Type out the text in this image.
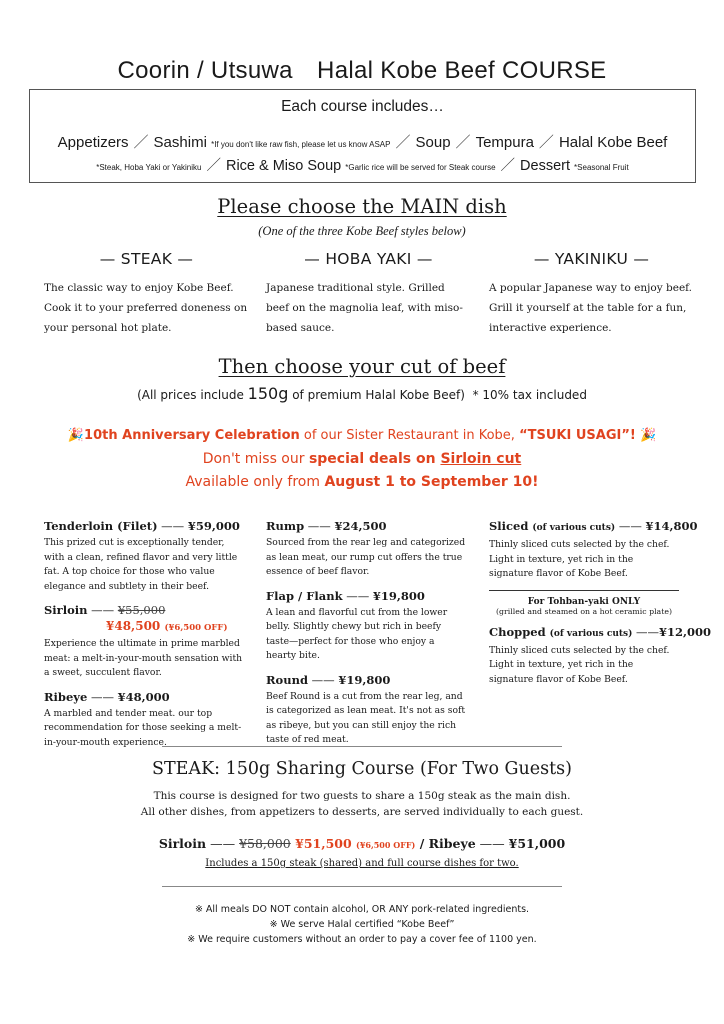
Coorin / Utsuwa　Halal Kobe Beef COURSE
Each course includes…
Appetizers ／ Sashimi *If you don't like raw fish, please let us know ASAP ／ Soup ／ Tempura ／ Halal Kobe Beef
*Steak, Hoba Yaki or Yakiniku ／ Rice & Miso Soup *Garlic rice will be served for Steak course ／ Dessert *Seasonal Fruit
Please choose the MAIN dish
(One of the three Kobe Beef styles below)
— STEAK —
The classic way to enjoy Kobe Beef. Cook it to your preferred doneness on your personal hot plate.
— HOBA YAKI —
Japanese traditional style. Grilled beef on the magnolia leaf, with miso-based sauce.
— YAKINIKU —
A popular Japanese way to enjoy beef. Grill it yourself at the table for a fun, interactive experience.
Then choose your cut of beef
(All prices include 150g of premium Halal Kobe Beef) * 10% tax included
🎉10th Anniversary Celebration of our Sister Restaurant in Kobe, “TSUKI USAGI”! 🎉
Don't miss our special deals on Sirloin cut
Available only from August 1 to September 10!
Tenderloin (Filet) —— ¥59,000
This prized cut is exceptionally tender, with a clean, refined flavor and very little fat. A top choice for those who value elegance and subtlety in their beef.
Sirloin —— ¥55,000
¥48,500 (¥6,500 OFF)
Experience the ultimate in prime marbled meat: a melt-in-your-mouth sensation with a sweet, succulent flavor.
Ribeye —— ¥48,000
A marbled and tender meat. our top recommendation for those seeking a melt-in-your-mouth experience.
Rump —— ¥24,500
Sourced from the rear leg and categorized as lean meat, our rump cut offers the true essence of beef flavor.
Flap / Flank —— ¥19,800
A lean and flavorful cut from the lower belly. Slightly chewy but rich in beefy taste—perfect for those who enjoy a hearty bite.
Round —— ¥19,800
Beef Round is a cut from the rear leg, and is categorized as lean meat. It's not as soft as ribeye, but you can still enjoy the rich taste of red meat.
Sliced (of various cuts) —— ¥14,800
Thinly sliced cuts selected by the chef. Light in texture, yet rich in the signature flavor of Kobe Beef.
For Tohban-yaki ONLY
(grilled and steamed on a hot ceramic plate)
Chopped (of various cuts) ——¥12,000
Thinly sliced cuts selected by the chef. Light in texture, yet rich in the signature flavor of Kobe Beef.
STEAK: 150g Sharing Course (For Two Guests)
This course is designed for two guests to share a 150g steak as the main dish.
All other dishes, from appetizers to desserts, are served individually to each guest.
Sirloin —— ¥58,000 ¥51,500 (¥6,500 OFF) / Ribeye —— ¥51,000
Includes a 150g steak (shared) and full course dishes for two.
※ All meals DO NOT contain alcohol, OR ANY pork-related ingredients.
※ We serve Halal certified “Kobe Beef”
※ We require customers without an order to pay a cover fee of 1100 yen.
